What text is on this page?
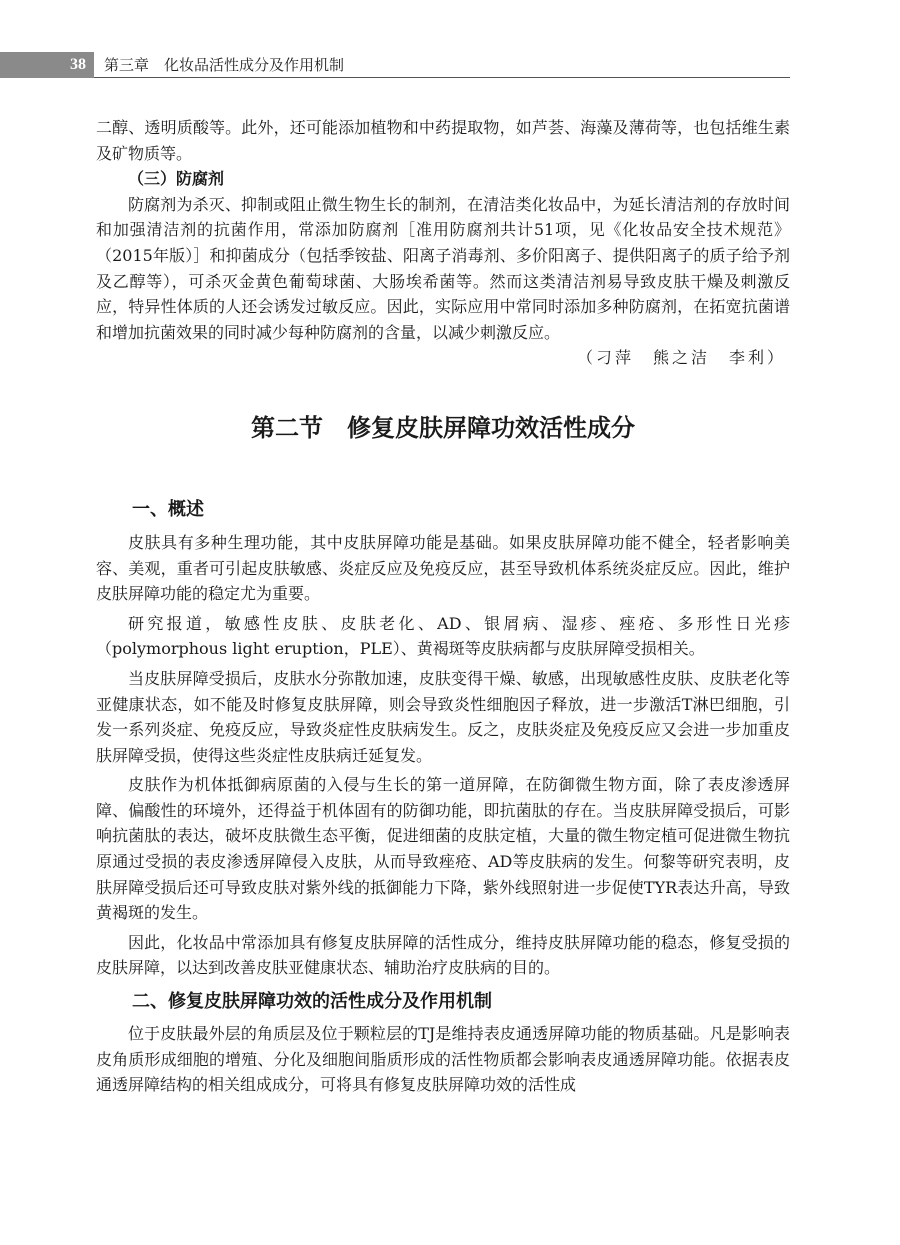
38	第三章　化妆品活性成分及作用机制

二醇、透明质酸等。此外，还可能添加植物和中药提取物，如芦荟、海藻及薄荷等，也包括维生素及矿物质等。

（三）防腐剂

防腐剂为杀灭、抑制或阻止微生物生长的制剂，在清洁类化妆品中，为延长清洁剂的存放时间和加强清洁剂的抗菌作用，常添加防腐剂［准用防腐剂共计51项，见《化妆品安全技术规范》（2015年版）］和抑菌成分（包括季铵盐、阳离子消毒剂、多价阳离子、提供阳离子的质子给予剂及乙醇等），可杀灭金黄色葡萄球菌、大肠埃希菌等。然而这类清洁剂易导致皮肤干燥及刺激反应，特异性体质的人还会诱发过敏反应。因此，实际应用中常同时添加多种防腐剂，在拓宽抗菌谱和增加抗菌效果的同时减少每种防腐剂的含量，以减少刺激反应。

（刁萍　熊之洁　李利）
第二节　修复皮肤屏障功效活性成分
一、概述

皮肤具有多种生理功能，其中皮肤屏障功能是基础。如果皮肤屏障功能不健全，轻者影响美容、美观，重者可引起皮肤敏感、炎症反应及免疫反应，甚至导致机体系统炎症反应。因此，维护皮肤屏障功能的稳定尤为重要。

研究报道，敏感性皮肤、皮肤老化、AD、银屑病、湿疹、痤疮、多形性日光疹（polymorphous light eruption，PLE）、黄褐斑等皮肤病都与皮肤屏障受损相关。

当皮肤屏障受损后，皮肤水分弥散加速，皮肤变得干燥、敏感，出现敏感性皮肤、皮肤老化等亚健康状态，如不能及时修复皮肤屏障，则会导致炎性细胞因子释放，进一步激活T淋巴细胞，引发一系列炎症、免疫反应，导致炎症性皮肤病发生。反之，皮肤炎症及免疫反应又会进一步加重皮肤屏障受损，使得这些炎症性皮肤病迁延复发。

皮肤作为机体抵御病原菌的入侵与生长的第一道屏障，在防御微生物方面，除了表皮渗透屏障、偏酸性的环境外，还得益于机体固有的防御功能，即抗菌肽的存在。当皮肤屏障受损后，可影响抗菌肽的表达，破坏皮肤微生态平衡，促进细菌的皮肤定植，大量的微生物定植可促进微生物抗原通过受损的表皮渗透屏障侵入皮肤，从而导致痤疮、AD等皮肤病的发生。何黎等研究表明，皮肤屏障受损后还可导致皮肤对紫外线的抵御能力下降，紫外线照射进一步促使TYR表达升高，导致黄褐斑的发生。

因此，化妆品中常添加具有修复皮肤屏障的活性成分，维持皮肤屏障功能的稳态，修复受损的皮肤屏障，以达到改善皮肤亚健康状态、辅助治疗皮肤病的目的。

二、修复皮肤屏障功效的活性成分及作用机制

位于皮肤最外层的角质层及位于颗粒层的TJ是维持表皮通透屏障功能的物质基础。凡是影响表皮角质形成细胞的增殖、分化及细胞间脂质形成的活性物质都会影响表皮通透屏障功能。依据表皮通透屏障结构的相关组成成分，可将具有修复皮肤屏障功效的活性成
